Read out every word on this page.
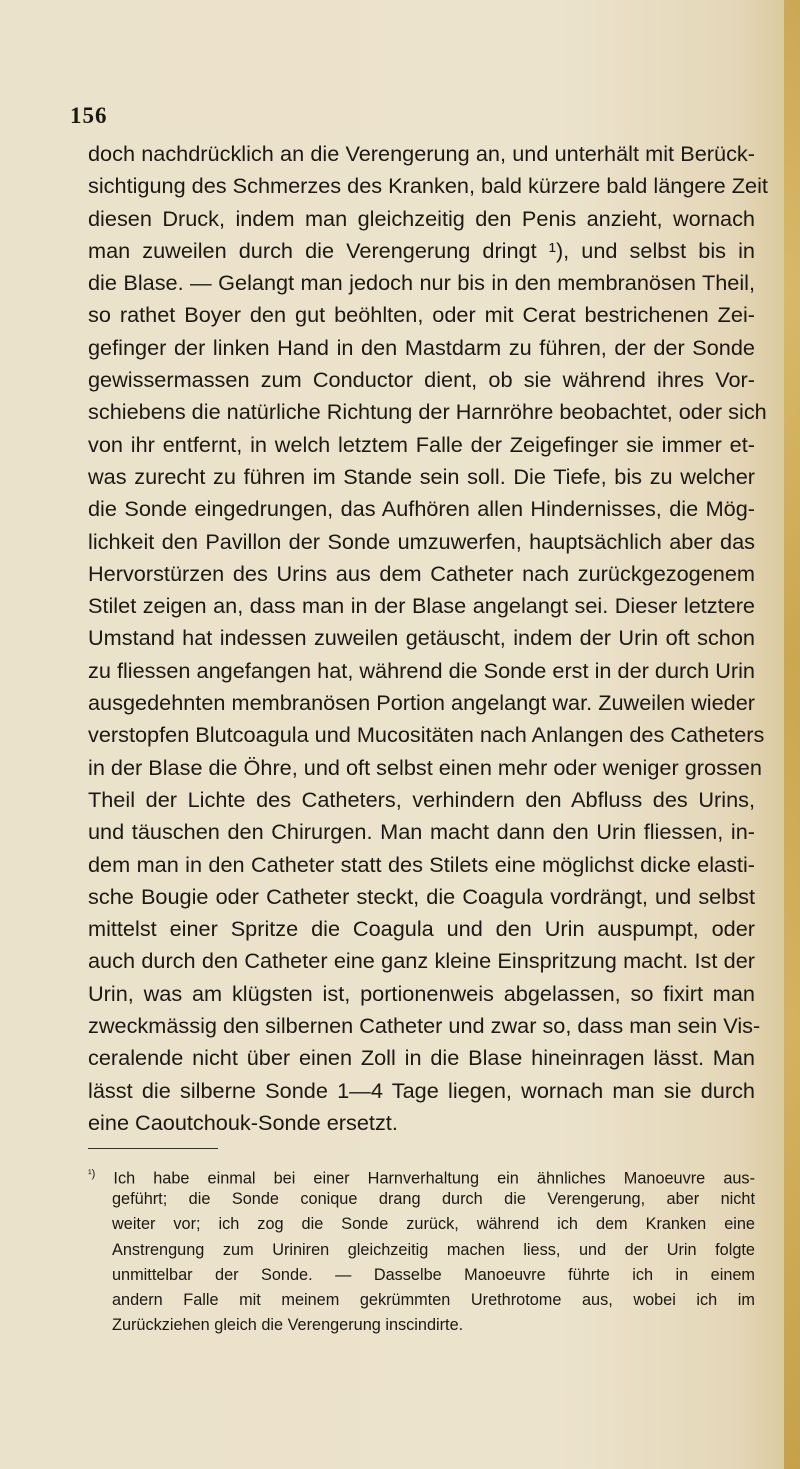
156
doch nachdrücklich an die Verengerung an, und unterhält mit Berück-
sichtigung des Schmerzes des Kranken, bald kürzere bald längere Zeit
diesen Druck, indem man gleichzeitig den Penis anzieht, wornach
man zuweilen durch die Verengerung dringt ¹), und selbst bis in
die Blase. — Gelangt man jedoch nur bis in den membranösen Theil,
so rathet Boyer den gut beöhlten, oder mit Cerat bestrichenen Zei-
gefinger der linken Hand in den Mastdarm zu führen, der der Sonde
gewissermassen zum Conductor dient, ob sie während ihres Vor-
schiebens die natürliche Richtung der Harnröhre beobachtet, oder sich
von ihr entfernt, in welch letztem Falle der Zeigefinger sie immer et-
was zurecht zu führen im Stande sein soll. Die Tiefe, bis zu welcher
die Sonde eingedrungen, das Aufhören allen Hindernisses, die Mög-
lichkeit den Pavillon der Sonde umzuwerfen, hauptsächlich aber das
Hervorstürzen des Urins aus dem Catheter nach zurückgezogenem
Stilet zeigen an, dass man in der Blase angelangt sei. Dieser letztere
Umstand hat indessen zuweilen getäuscht, indem der Urin oft schon
zu fliessen angefangen hat, während die Sonde erst in der durch Urin
ausgedehnten membranösen Portion angelangt war. Zuweilen wieder
verstopfen Blutcoagula und Mucositäten nach Anlangen des Catheters
in der Blase die Öhre, und oft selbst einen mehr oder weniger grossen
Theil der Lichte des Catheters, verhindern den Abfluss des Urins,
und täuschen den Chirurgen. Man macht dann den Urin fliessen, in-
dem man in den Catheter statt des Stilets eine möglichst dicke elasti-
sche Bougie oder Catheter steckt, die Coagula vordrängt, und selbst
mittelst einer Spritze die Coagula und den Urin auspumpt, oder
auch durch den Catheter eine ganz kleine Einspritzung macht. Ist der
Urin, was am klügsten ist, portionenweis abgelassen, so fixirt man
zweckmässig den silbernen Catheter und zwar so, dass man sein Vis-
ceralende nicht über einen Zoll in die Blase hineinragen lässt. Man
lässt die silberne Sonde 1—4 Tage liegen, wornach man sie durch
eine Caoutchouk-Sonde ersetzt.
$^{^1)}$ Ich habe einmal bei einer Harnverhaltung ein ähnliches Manoeuvre aus-
geführt; die Sonde conique drang durch die Verengerung, aber nicht
weiter vor; ich zog die Sonde zurück, während ich dem Kranken eine
Anstrengung zum Uriniren gleichzeitig machen liess, und der Urin folgte
unmittelbar der Sonde. — Dasselbe Manoeuvre führte ich in einem
andern Falle mit meinem gekrümmten Urethrotome aus, wobei ich im
Zurückziehen gleich die Verengerung inscindirte.
